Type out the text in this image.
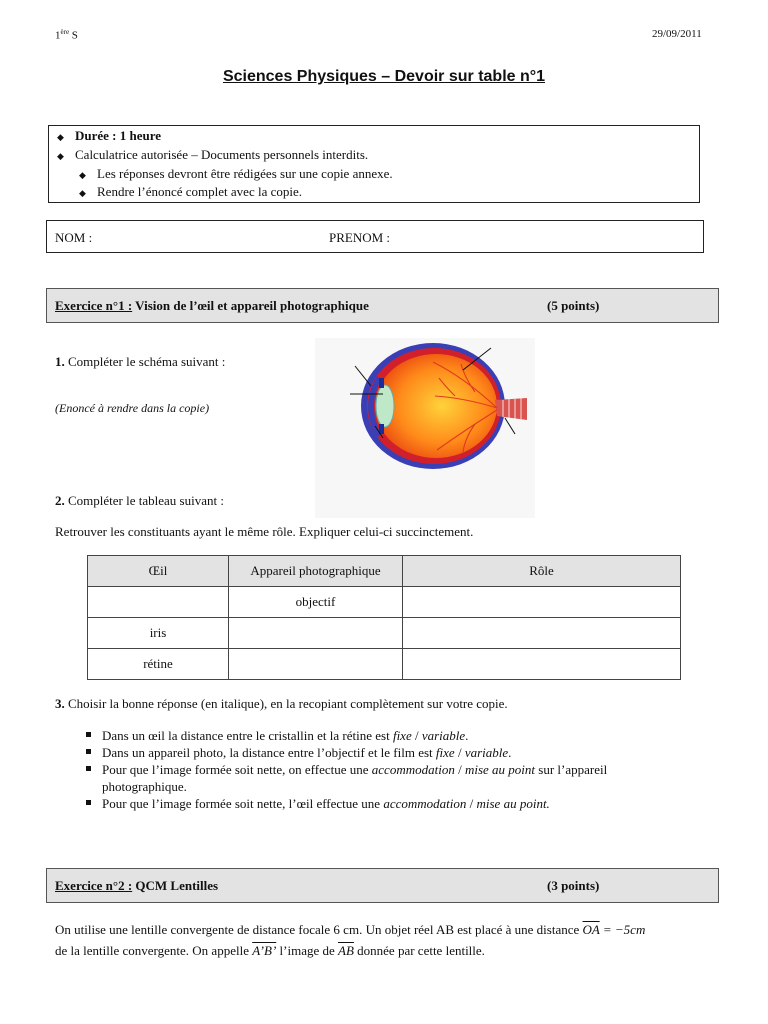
1ère S	29/09/2011
Sciences Physiques – Devoir sur table n°1
◆ Durée : 1 heure
◆ Calculatrice autorisée – Documents personnels interdits.
◆ Les réponses devront être rédigées sur une copie annexe.
◆ Rendre l’énoncé complet avec la copie.
NOM :	PRENOM :
Exercice n°1 : Vision de l’œil et appareil photographique	(5 points)
1. Compléter le schéma suivant :
(Enoncé à rendre dans la copie)
2. Compléter le tableau suivant :
Retrouver les constituants ayant le même rôle. Expliquer celui-ci succinctement.
Œil	Appareil photographique	Rôle
	objectif	
iris		
rétine		
3. Choisir la bonne réponse (en italique), en la recopiant complètement sur votre copie.
Dans un œil la distance entre le cristallin et la rétine est fixe / variable.
Dans un appareil photo, la distance entre l’objectif et le film est fixe / variable.
Pour que l’image formée soit nette, on effectue une accommodation / mise au point sur l’appareil
photographique.
Pour que l’image formée soit nette, l’œil effectue une accommodation / mise au point.
Exercice n°2 : QCM Lentilles	(3 points)
On utilise une lentille convergente de distance focale 6 cm. Un objet réel AB est placé à une distance $\overline{OA} = -5cm$
de la lentille convergente. On appelle A’B’ l’image de $\overline{AB}$ donnée par cette lentille.
